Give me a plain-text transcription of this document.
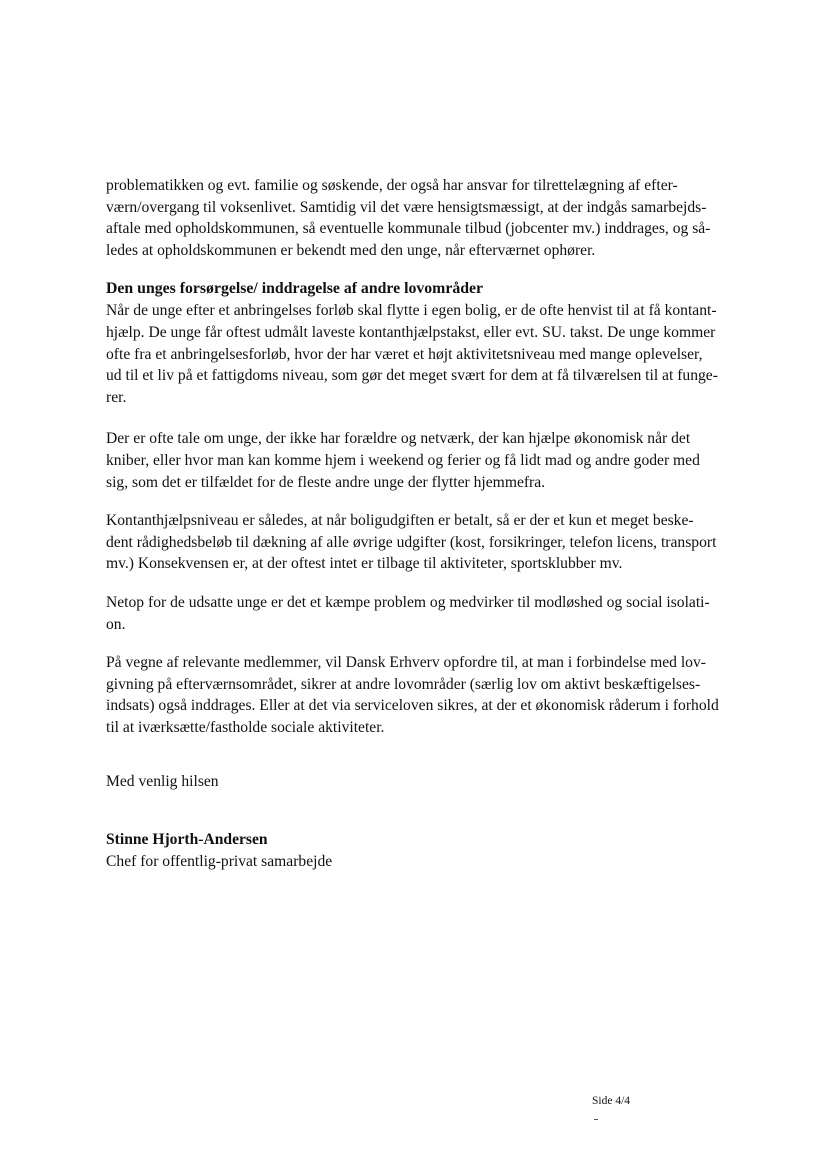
problematikken og evt. familie og søskende, der også har ansvar for tilrettelægning af efter-
værn/overgang til voksenlivet. Samtidig vil det være hensigtsmæssigt, at der indgås samarbejds-
aftale med opholdskommunen, så eventuelle kommunale tilbud (jobcenter mv.) inddrages, og så-
ledes at opholdskommunen er bekendt med den unge, når efterværnet ophører.

Den unges forsørgelse/ inddragelse af andre lovområder
Når de unge efter et anbringelses forløb skal flytte i egen bolig, er de ofte henvist til at få kontant-
hjælp. De unge får oftest udmålt laveste kontanthjælpstakst, eller evt. SU. takst. De unge kommer
ofte fra et anbringelsesforløb, hvor der har været et højt aktivitetsniveau med mange oplevelser,
ud til et liv på et fattigdoms niveau, som gør det meget svært for dem at få tilværelsen til at funge-
rer.

Der er ofte tale om unge, der ikke har forældre og netværk, der kan hjælpe økonomisk når det
kniber, eller hvor man kan komme hjem i weekend og ferier og få lidt mad og andre goder med
sig, som det er tilfældet for de fleste andre unge der flytter hjemmefra.

Kontanthjælpsniveau er således, at når boligudgiften er betalt, så er der et kun et meget beske-
dent rådighedsbeløb til dækning af alle øvrige udgifter (kost, forsikringer, telefon licens, transport
mv.) Konsekvensen er, at der oftest intet er tilbage til aktiviteter, sportsklubber mv.

Netop for de udsatte unge er det et kæmpe problem og medvirker til modløshed og social isolati-
on.

På vegne af relevante medlemmer, vil Dansk Erhverv opfordre til, at man i forbindelse med lov-
givning på efterværnsområdet, sikrer at andre lovområder (særlig lov om aktivt beskæftigelses-
indsats) også inddrages. Eller at det via serviceloven sikres, at der et økonomisk råderum i forhold
til at iværksætte/fastholde sociale aktiviteter.

Med venlig hilsen
Stinne Hjorth-Andersen
Chef for offentlig-privat samarbejde
Side 4/4
